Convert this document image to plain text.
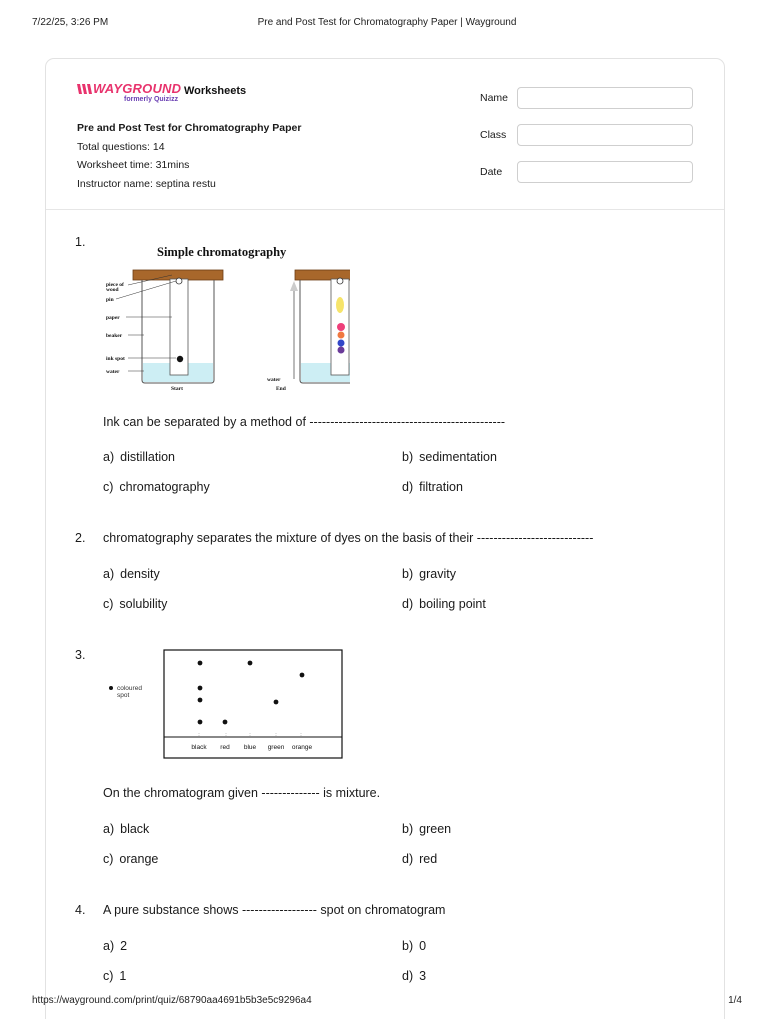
7/22/25, 3:26 PM	Pre and Post Test for Chromatography Paper | Wayground
WAYGROUND
formerly Quizizz
Worksheets
Pre and Post Test for Chromatography Paper
Total questions: 14
Worksheet time: 31mins
Instructor name: septina restu
Name
Class
Date
1.
Simple chromatography
piece of
wood
pin
paper
beaker
ink spot
water
Start	End
water
Ink can be separated by a method of -----------------------------------------------
a) distillation	b) sedimentation
c) chromatography	d) filtration
2. chromatography separates the mixture of dyes on the basis of their ----------------------------
a) density	b) gravity
c) solubility	d) boiling point
3.
coloured
spot
black red blue green orange
On the chromatogram given -------------- is mixture.
a) black	b) green
c) orange	d) red
4. A pure substance shows ------------------ spot on chromatogram
a) 2	b) 0
c) 1	d) 3
https://wayground.com/print/quiz/68790aa4691b5b3e5c9296a4	1/4
